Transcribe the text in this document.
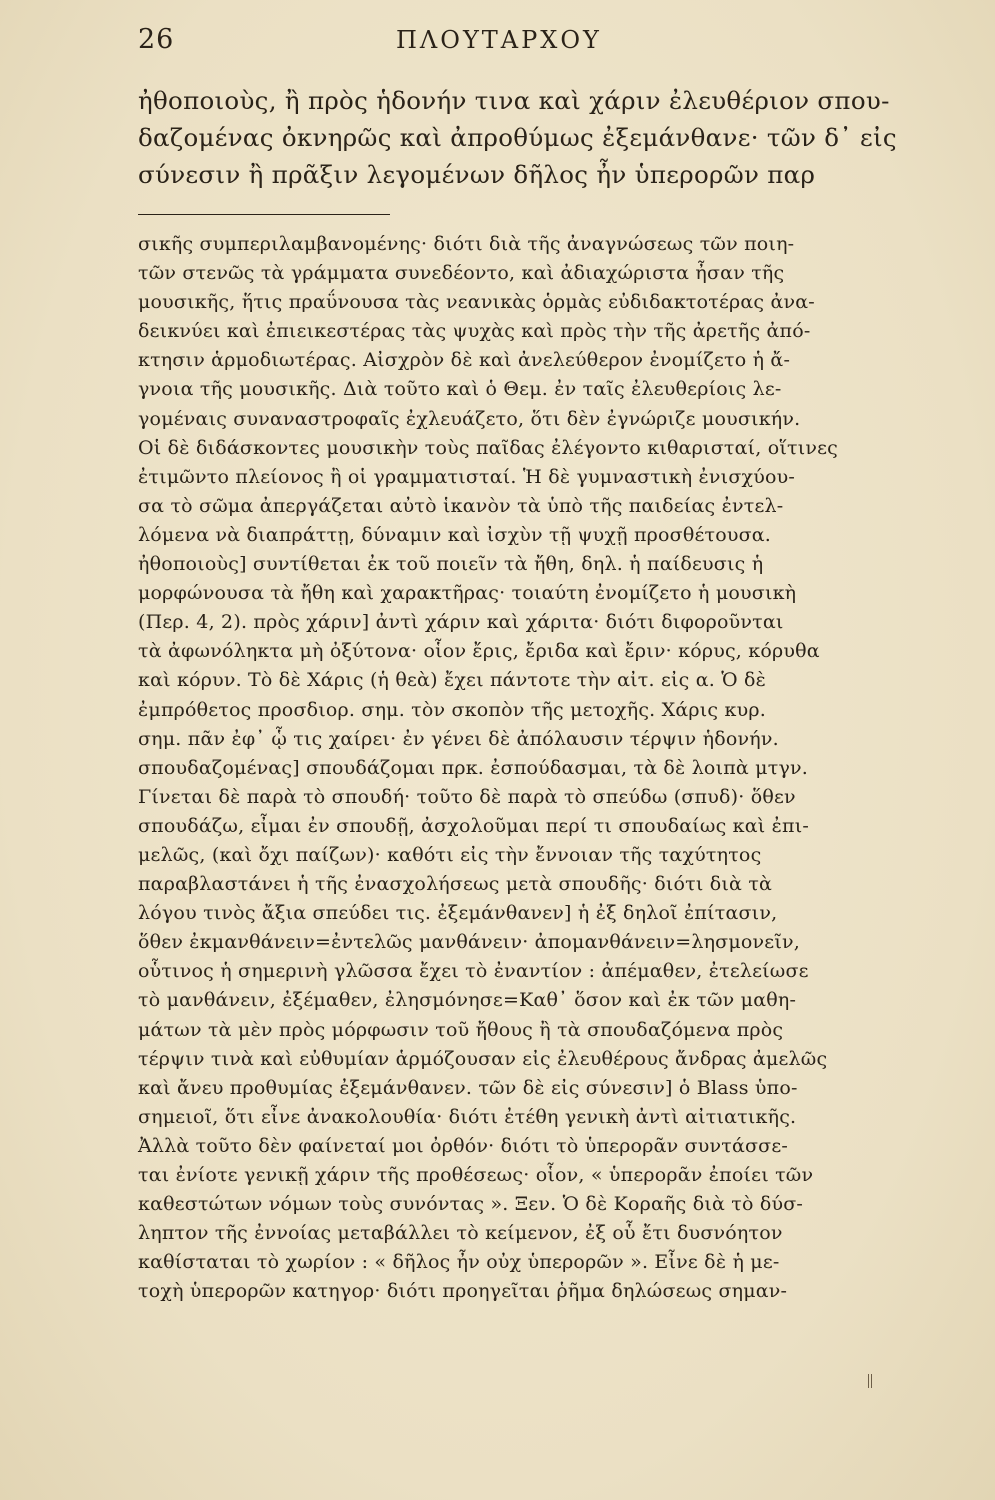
26	ΠΛΟΥΤΑΡΧΟΥ
ἠθοποιοὺς, ἢ πρὸς ἡδονήν τινα καὶ χάριν ἐλευθέριον σπου-
δαζομένας ὀκνηρῶς καὶ ἀπροθύμως ἐξεμάνθανε· τῶν δ᾽ εἰς
σύνεσιν ἢ πρᾶξιν λεγομένων δῆλος ἦν ὑπερορῶν παρ
σικῆς συμπεριλαμβανομένης· διότι διὰ τῆς ἀναγνώσεως τῶν ποιη-
τῶν στενῶς τὰ γράμματα συνεδέοντο, καὶ ἀδιαχώριστα ἦσαν τῆς
μουσικῆς, ἥτις πραΰνουσα τὰς νεανικὰς ὁρμὰς εὐδιδακτοτέρας ἀνα-
δεικνύει καὶ ἐπιεικεστέρας τὰς ψυχὰς καὶ πρὸς τὴν τῆς ἀρετῆς ἀπό-
κτησιν ἁρμοδιωτέρας. Αἰσχρὸν δὲ καὶ ἀνελεύθερον ἐνομίζετο ἡ ἄ-
γνοια τῆς μουσικῆς. Διὰ τοῦτο καὶ ὁ Θεμ. ἐν ταῖς ἐλευθερίοις λε-
γομέναις συναναστροφαῖς ἐχλευάζετο, ὅτι δὲν ἐγνώριζε μουσικήν.
Οἱ δὲ διδάσκοντες μουσικὴν τοὺς παῖδας ἐλέγοντο κιθαρισταί, οἵτινες
ἐτιμῶντο πλείονος ἢ οἱ γραμματισταί. Ἡ δὲ γυμναστικὴ ἐνισχύου-
σα τὸ σῶμα ἀπεργάζεται αὐτὸ ἱκανὸν τὰ ὑπὸ τῆς παιδείας ἐντελ-
λόμενα νὰ διαπράττῃ, δύναμιν καὶ ἰσχὺν τῇ ψυχῇ προσθέτουσα.
ἠθοποιοὺς] συντίθεται ἐκ τοῦ ποιεῖν τὰ ἤθη, δηλ. ἡ παίδευσις ἡ
μορφώνουσα τὰ ἤθη καὶ χαρακτῆρας· τοιαύτη ἐνομίζετο ἡ μουσικὴ
(Περ. 4, 2). πρὸς χάριν] ἀντὶ χάριν καὶ χάριτα· διότι διφοροῦνται
τὰ ἀφωνόληκτα μὴ ὀξύτονα· οἷον ἔρις, ἔριδα καὶ ἔριν· κόρυς, κόρυθα
καὶ κόρυν. Τὸ δὲ Χάρις (ἡ θεὰ) ἔχει πάντοτε τὴν αἰτ. εἰς α. Ὁ δὲ
ἐμπρόθετος προσδιορ. σημ. τὸν σκοπὸν τῆς μετοχῆς. Χάρις κυρ.
σημ. πᾶν ἐφ᾽ ᾧ τις χαίρει· ἐν γένει δὲ ἀπόλαυσιν τέρψιν ἡδονήν.
σπουδαζομένας] σπουδάζομαι πρκ. ἐσπούδασμαι, τὰ δὲ λοιπὰ μτγν.
Γίνεται δὲ παρὰ τὸ σπουδή· τοῦτο δὲ παρὰ τὸ σπεύδω (σπυδ)· ὅθεν
σπουδάζω, εἶμαι ἐν σπουδῇ, ἀσχολοῦμαι περί τι σπουδαίως καὶ ἐπι-
μελῶς, (καὶ ὄχι παίζων)· καθότι εἰς τὴν ἔννοιαν τῆς ταχύτητος
παραβλαστάνει ἡ τῆς ἐνασχολήσεως μετὰ σπουδῆς· διότι διὰ τὰ
λόγου τινὸς ἄξια σπεύδει τις. ἐξεμάνθανεν] ἡ ἐξ δηλοῖ ἐπίτασιν,
ὅθεν ἐκμανθάνειν=ἐντελῶς μανθάνειν· ἀπομανθάνειν=λησμονεῖν,
οὗτινος ἡ σημερινὴ γλῶσσα ἔχει τὸ ἐναντίον : ἀπέμαθεν, ἐτελείωσε
τὸ μανθάνειν, ἐξέμαθεν, ἐλησμόνησε=Καθ᾽ ὅσον καὶ ἐκ τῶν μαθη-
μάτων τὰ μὲν πρὸς μόρφωσιν τοῦ ἤθους ἢ τὰ σπουδαζόμενα πρὸς
τέρψιν τινὰ καὶ εὐθυμίαν ἁρμόζουσαν εἰς ἐλευθέρους ἄνδρας ἀμελῶς
καὶ ἄνευ προθυμίας ἐξεμάνθανεν. τῶν δὲ εἰς σύνεσιν] ὁ Blass ὑπο-
σημειοῖ, ὅτι εἶνε ἀνακολουθία· διότι ἐτέθη γενικὴ ἀντὶ αἰτιατικῆς.
Ἀλλὰ τοῦτο δὲν φαίνεταί μοι ὀρθόν· διότι τὸ ὑπερορᾶν συντάσσε-
ται ἐνίοτε γενικῇ χάριν τῆς προθέσεως· οἷον, « ὑπερορᾶν ἐποίει τῶν
καθεστώτων νόμων τοὺς συνόντας ». Ξεν. Ὁ δὲ Κοραῆς διὰ τὸ δύσ-
ληπτον τῆς ἐννοίας μεταβάλλει τὸ κείμενον, ἐξ οὗ ἔτι δυσνόητον
καθίσταται τὸ χωρίον : « δῆλος ἦν οὐχ ὑπερορῶν ». Εἶνε δὲ ἡ με-
τοχὴ ὑπερορῶν κατηγορ· διότι προηγεῖται ῥῆμα δηλώσεως σημαν-
